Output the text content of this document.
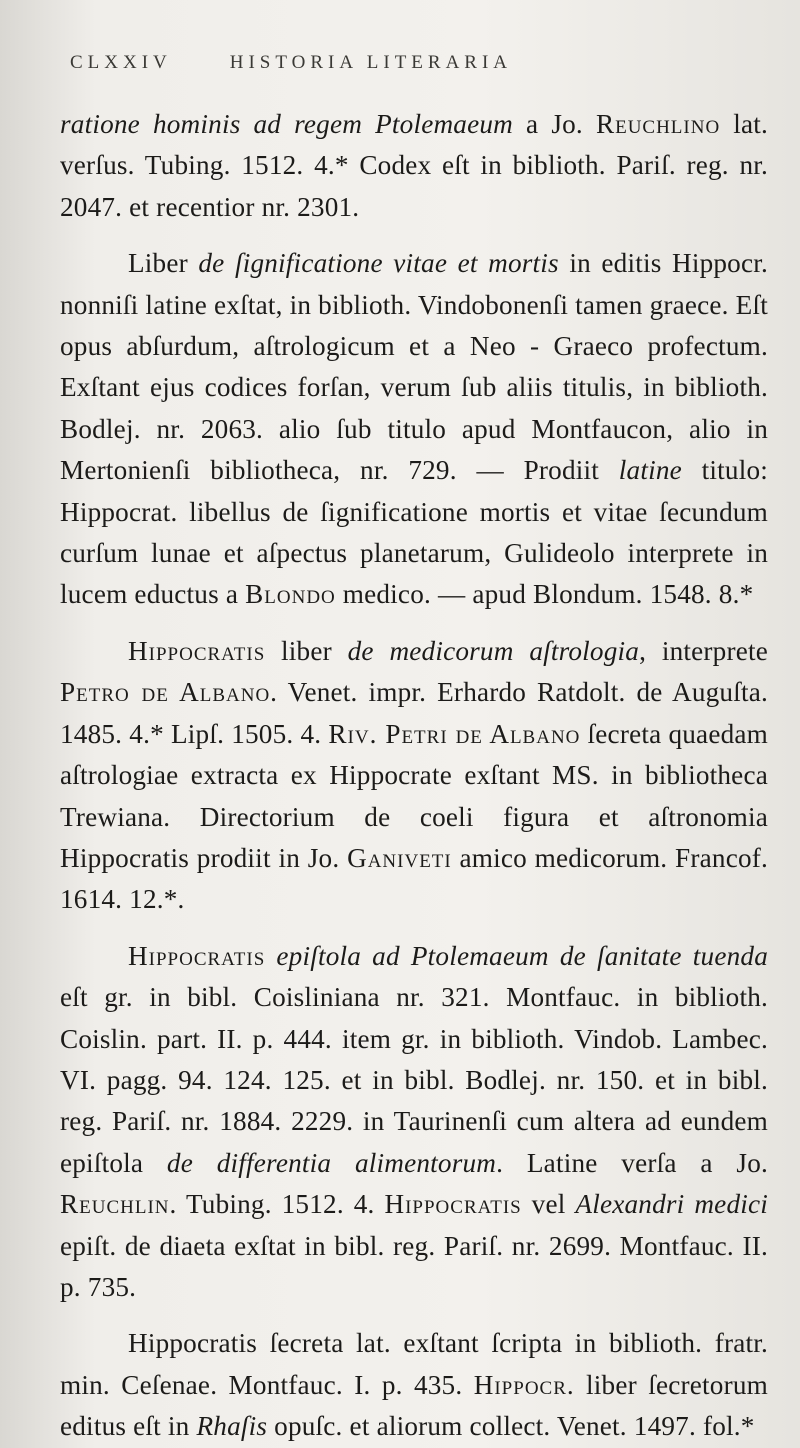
CLXXIV	HISTORIA LITERARIA

ratione hominis ad regem Ptolemaeum a Jo. Reuchlino lat. verſus. Tubing. 1512. 4.* Codex eſt in biblioth. Pariſ. reg. nr. 2047. et recentior nr. 2301.

Liber de ſignificatione vitae et mortis in editis Hippocr. nonniſi latine exſtat, in biblioth. Vindobonenſi tamen graece. Eſt opus abſurdum, aſtrologicum et a Neo - Graeco profectum. Exſtant ejus codices forſan, verum ſub aliis titulis, in biblioth. Bodlej. nr. 2063. alio ſub titulo apud Montfaucon, alio in Mertonienſi bibliotheca, nr. 729. — Prodiit latine titulo: Hippocrat. libellus de ſignificatione mortis et vitae ſecundum curſum lunae et aſpectus planetarum, Gulideolo interprete in lucem eductus a Blondo medico. — apud Blondum. 1548. 8.*

Hippocratis liber de medicorum aſtrologia, interprete Petro de Albano. Venet. impr. Erhardo Ratdolt. de Auguſta. 1485. 4.* Lipſ. 1505. 4. Riv. Petri de Albano ſecreta quaedam aſtrologiae extracta ex Hippocrate exſtant MS. in bibliotheca Trewiana. Directorium de coeli figura et aſtronomia Hippocratis prodiit in Jo. Ganiveti amico medicorum. Francof. 1614. 12.*.

Hippocratis epiſtola ad Ptolemaeum de ſanitate tuenda eſt gr. in bibl. Coisliniana nr. 321. Montfauc. in biblioth. Coislin. part. II. p. 444. item gr. in biblioth. Vindob. Lambec. VI. pagg. 94. 124. 125. et in bibl. Bodlej. nr. 150. et in bibl. reg. Pariſ. nr. 1884. 2229. in Taurinenſi cum altera ad eundem epiſtola de differentia alimentorum. Latine verſa a Jo. Reuchlin. Tubing. 1512. 4. Hippocratis vel Alexandri medici epiſt. de diaeta exſtat in bibl. reg. Pariſ. nr. 2699. Montfauc. II. p. 735.

Hippocratis ſecreta lat. exſtant ſcripta in biblioth. fratr. min. Ceſenae. Montfauc. I. p. 435. Hippocr. liber ſecretorum editus eſt in Rhaſis opuſc. et aliorum collect. Venet. 1497. fol.*
